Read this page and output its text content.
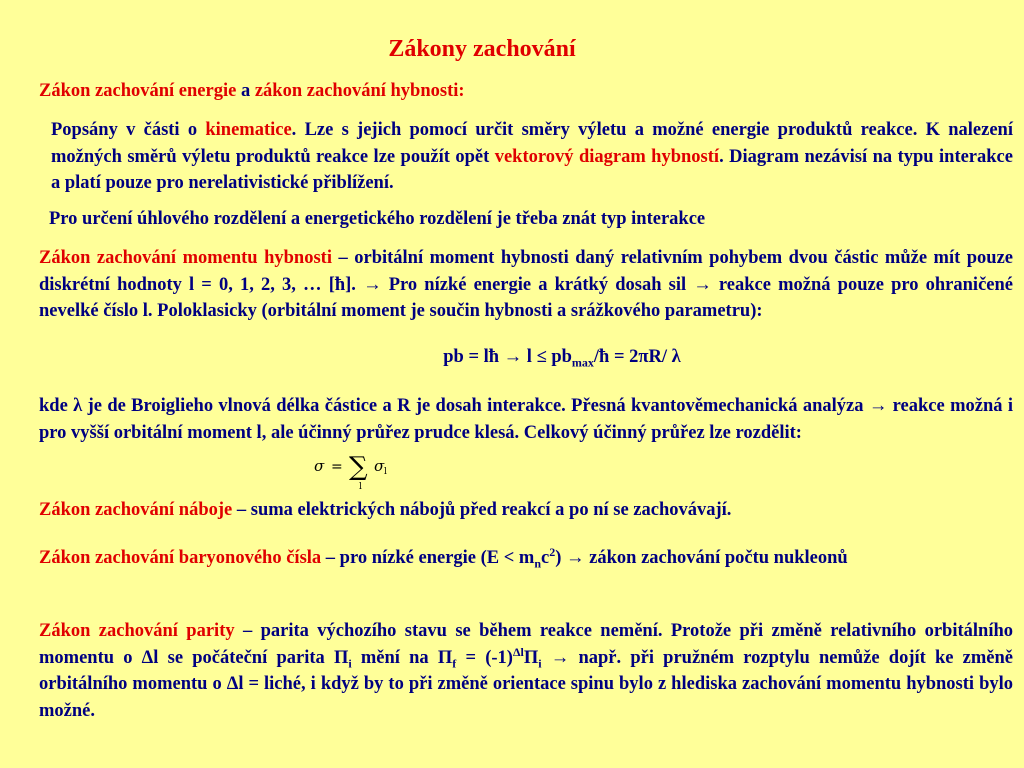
Zákony zachování

Zákon zachování energie a zákon zachování hybnosti:

Popsány v části o kinematice. Lze s jejich pomocí určit směry výletu a možné energie produktů reakce. K nalezení možných směrů výletu produktů reakce lze použít opět vektorový diagram hybností. Diagram nezávisí na typu interakce a platí pouze pro nerelativistické přiblížení.

Pro určení úhlového rozdělení a energetického rozdělení je třeba znát typ interakce

Zákon zachování momentu hybnosti – orbitální moment hybnosti daný relativním pohybem dvou částic může mít pouze diskrétní hodnoty l = 0, 1, 2, 3, … [ħ]. → Pro nízké energie a krátký dosah sil → reakce možná pouze pro ohraničené nevelké číslo l. Poloklasicky (orbitální moment je součin hybnosti a srážkového parametru):

pb = lħ → $l \le pb_{max}/ħ = 2\pi R/$ λ

kde λ je de Broiglieho vlnová délka částice a R je dosah interakce. Přesná kvantověmechanická analýza → reakce možná i pro vyšší orbitální moment l, ale účinný průřez prudce klesá. Celkový účinný průřez lze rozdělit:

σ = ∑
l
σ l

Zákon zachování náboje – suma elektrických nábojů před reakcí a po ní se zachovávají.

Zákon zachování baryonového čísla – pro nízké energie $(E < m_nc^2)$ → zákon zachování počtu nukleonů

Zákon zachování parity – parita výchozího stavu se během reakce nemění. Protože při změně relativního orbitálního momentu o Δl se počáteční parita $\Pi_i$ mění na $\Pi_f = (-1)^{\Delta l}\Pi_i$ → např. při pružném rozptylu nemůže dojít ke změně orbitálního momentu o Δl = liché, i když by to při změně orientace spinu bylo z hlediska zachování momentu hybnosti bylo možné.
